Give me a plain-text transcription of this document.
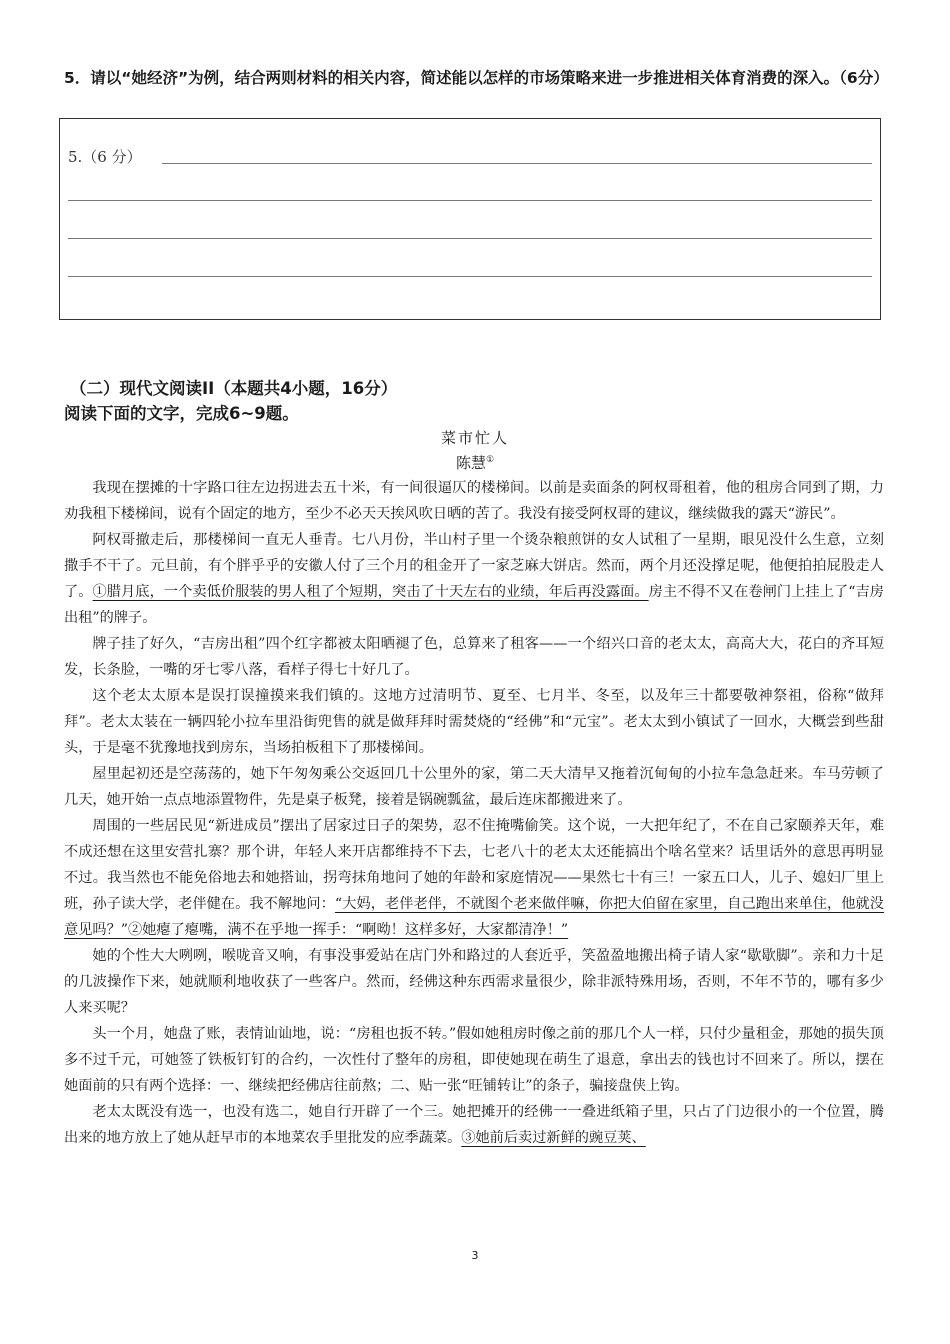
5．请以“她经济”为例，结合两则材料的相关内容，简述能以怎样的市场策略来进一步推进相关体育消费的深入。（6分）
5.（6 分）
（二）现代文阅读II（本题共4小题，16分）
阅读下面的文字，完成6~9题。
菜市忙人
陈慧①

我现在摆摊的十字路口往左边拐进去五十米，有一间很逼仄的楼梯间。以前是卖面条的阿权哥租着，他的租房合同到了期，力劝我租下楼梯间，说有个固定的地方，至少不必天天挨风吹日晒的苦了。我没有接受阿权哥的建议，继续做我的露天“游民”。

阿权哥撤走后，那楼梯间一直无人垂青。七八月份，半山村子里一个烫杂粮煎饼的女人试租了一星期，眼见没什么生意，立刻撒手不干了。元旦前，有个胖乎乎的安徽人付了三个月的租金开了一家芝麻大饼店。然而，两个月还没撑足呢，他便拍拍屁股走人了。①腊月底，一个卖低价服装的男人租了个短期，突击了十天左右的业绩，年后再没露面。房主不得不又在卷闸门上挂上了“吉房出租”的牌子。

牌子挂了好久，“吉房出租”四个红字都被太阳晒褪了色，总算来了租客——一个绍兴口音的老太太，高高大大，花白的齐耳短发，长条脸，一嘴的牙七零八落，看样子得七十好几了。

这个老太太原本是误打误撞摸来我们镇的。这地方过清明节、夏至、七月半、冬至，以及年三十都要敬神祭祖，俗称“做拜拜”。老太太装在一辆四轮小拉车里沿街兜售的就是做拜拜时需焚烧的“经佛”和“元宝”。老太太到小镇试了一回水，大概尝到些甜头，于是毫不犹豫地找到房东，当场拍板租下了那楼梯间。

屋里起初还是空荡荡的，她下午匆匆乘公交返回几十公里外的家，第二天大清早又拖着沉甸甸的小拉车急急赶来。车马劳顿了几天，她开始一点点地添置物件，先是桌子板凳，接着是锅碗瓢盆，最后连床都搬进来了。

周围的一些居民见“新进成员”摆出了居家过日子的架势，忍不住掩嘴偷笑。这个说，一大把年纪了，不在自己家颐养天年，难不成还想在这里安营扎寨？那个讲，年轻人来开店都维持不下去，七老八十的老太太还能搞出个啥名堂来？话里话外的意思再明显不过。我当然也不能免俗地去和她搭讪，拐弯抹角地问了她的年龄和家庭情况——果然七十有三！一家五口人，儿子、媳妇厂里上班，孙子读大学，老伴健在。我不解地问：“大妈，老伴老伴，不就图个老来做伴嘛，你把大伯留在家里，自己跑出来单住，他就没意见吗？”②她瘪了瘪嘴，满不在乎地一挥手：“啊呦！这样多好，大家都清净！”

她的个性大大咧咧，喉咙音又响，有事没事爱站在店门外和路过的人套近乎，笑盈盈地搬出椅子请人家“歇歇脚”。亲和力十足的几波操作下来，她就顺利地收获了一些客户。然而，经佛这种东西需求量很少，除非派特殊用场，否则，不年不节的，哪有多少人来买呢？

头一个月，她盘了账，表情讪讪地，说：“房租也扳不转。”假如她租房时像之前的那几个人一样，只付少量租金，那她的损失顶多不过千元，可她签了铁板钉钉的合约，一次性付了整年的房租，即使她现在萌生了退意，拿出去的钱也讨不回来了。所以，摆在她面前的只有两个选择：一、继续把经佛店往前熬；二、贴一张“旺铺转让”的条子，骗接盘侠上钩。

老太太既没有选一，也没有选二，她自行开辟了一个三。她把摊开的经佛一一叠进纸箱子里，只占了门边很小的一个位置，腾出来的地方放上了她从赶早市的本地菜农手里批发的应季蔬菜。③她前后卖过新鲜的豌豆荚、

3
